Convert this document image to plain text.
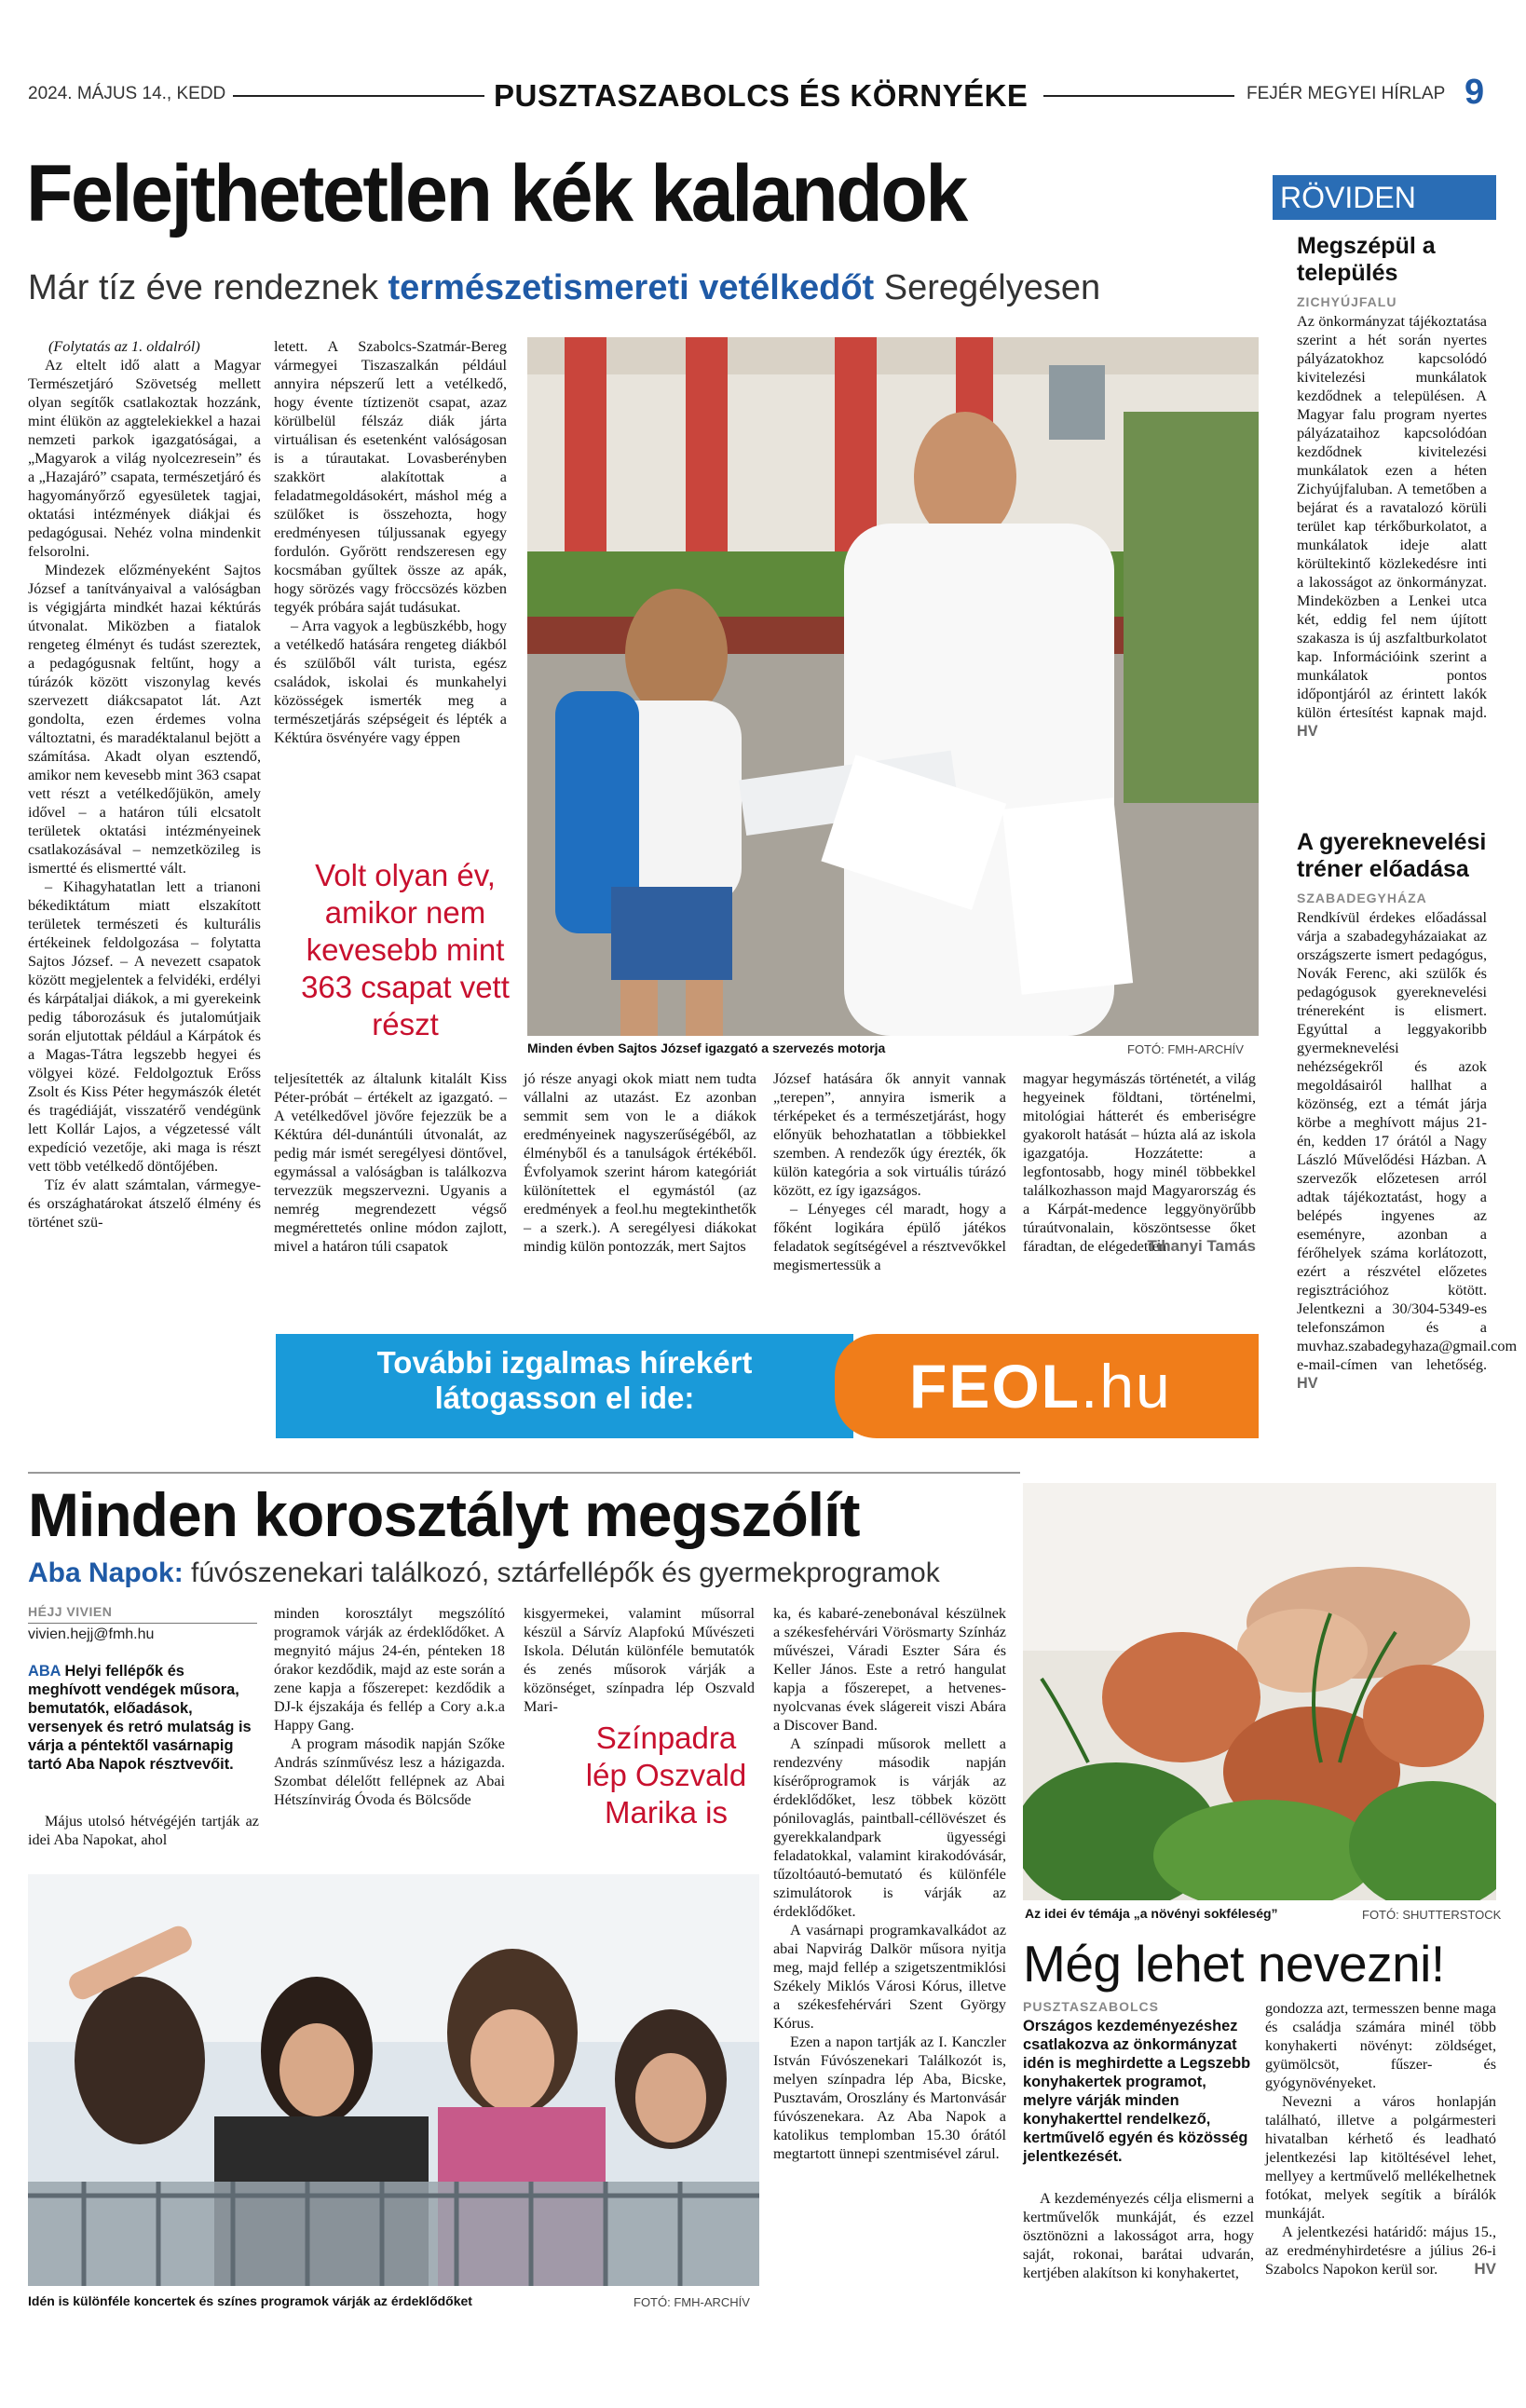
2024. MÁJUS 14., KEDD	PUSZTASZABOLCS ÉS KÖRNYÉKE	FEJÉR MEGYEI HÍRLAP 9
Felejthetetlen kék kalandok
Már tíz éve rendeznek természetismereti vetélkedőt Seregélyesen

(Folytatás az 1. oldalról)

Az eltelt idő alatt a Magyar Természetjáró Szövetség mellett olyan segítők csatlakoztak hozzánk, mint élükön az aggtelekiekkel a hazai nemzeti parkok igazgatóságai, a „Magyarok a világ nyolcezresein” és a „Hazajáró” csapata, természetjáró és hagyományőrző egyesületek tagjai, oktatási intézmények diákjai és pedagógusai. Nehéz volna mindenkit felsorolni.

Mindezek előzményeként Sajtos József a tanítványaival a valóságban is végigjárta mindkét hazai kéktúrás útvonalat. Miközben a fiatalok rengeteg élményt és tudást szereztek, a pedagógusnak feltűnt, hogy a túrázók között viszonylag kevés szervezett diákcsapatot lát. Azt gondolta, ezen érdemes volna változtatni, és maradéktalanul bejött a számítása. Akadt olyan esztendő, amikor nem kevesebb mint 363 csapat vett részt a vetélkedőjükön, amely idővel – a határon túli elcsatolt területek oktatási intézményeinek csatlakozásával – nemzetközileg is ismertté és elismertté vált.

– Kihagyhatatlan lett a trianoni békediktátum miatt elszakított területek természeti és kulturális értékeinek feldolgozása – folytatta Sajtos József. – A nevezett csapatok között megjelentek a felvidéki, erdélyi és kárpátaljai diákok, a mi gyerekeink pedig táborozásuk és jutalomútjaik során eljutottak például a Kárpátok és a Magas-Tátra legszebb hegyei és völgyei közé. Feldolgoztuk Erőss Zsolt és Kiss Péter hegymászók életét és tragédiáját, visszatérő vendégünk lett Kollár Lajos, a végzetessé vált expedíció vezetője, aki maga is részt vett több vetélkedő döntőjében.

Tíz év alatt számtalan, vármegye- és országhatárokat átszelő élmény és történet szü-

letett. A Szabolcs-Szatmár-Bereg vármegyei Tiszaszalkán például annyira népszerű lett a vetélkedő, hogy évente tíztizenöt csapat, azaz körülbelül félszáz diák járta virtuálisan és esetenként valóságosan is a túrautakat. Lovasberényben szakkört alakítottak a feladatmegoldásokért, máshol még a szülőket is összehozta, hogy eredményesen túljussanak egyegy fordulón. Győrött rendszeresen egy kocsmában gyűltek össze az apák, hogy sörözés vagy fröccsözés közben tegyék próbára saját tudásukat.

– Arra vagyok a legbüszkébb, hogy a vetélkedő hatására rengeteg diákból és szülőből vált turista, egész családok, iskolai és munkahelyi közösségek ismerték meg a természetjárás szépségeit és lépték a Kéktúra ösvényére vagy éppen

Volt olyan év, amikor nem kevesebb mint 363 csapat vett részt
Minden évben Sajtos József igazgató a szervezés motorja	FOTÓ: FMH-ARCHÍV

teljesítették az általunk kitalált Kiss Péter-próbát – értékelt az igazgató. – A vetélkedővel jövőre fejezzük be a Kéktúra dél-dunántúli útvonalát, az pedig már ismét seregélyesi döntővel, egymással a valóságban is találkozva tervezzük megszervezni. Ugyanis a nemrég megrendezett végső megmérettetés online módon zajlott, mivel a határon túli csapatok

jó része anyagi okok miatt nem tudta vállalni az utazást. Ez azonban semmit sem von le a diákok eredményeinek nagyszerűségéből, az élményből és a tanulságok értékéből. Évfolyamok szerint három kategóriát különítettek el egymástól (az eredmények a feol.hu megtekinthetők – a szerk.). A seregélyesi diákokat mindig külön pontozzák, mert Sajtos

József hatására ők annyit vannak „terepen”, annyira ismerik a térképeket és a természetjárást, hogy előnyük behozhatatlan a többiekkel szemben. A rendezők úgy érezték, ők külön kategória a sok virtuális túrázó között, ez így igazságos.

– Lényeges cél maradt, hogy a főként logikára épülő játékos feladatok segítségével a résztvevőkkel megismertessük a

magyar hegymászás történetét, a világ hegyeinek földtani, történelmi, mitológiai hátterét és emberiségre gyakorolt hatását – húzta alá az iskola igazgatója. Hozzátette: a legfontosabb, hogy minél többekkel találkozhasson majd Magyarország és a Kárpát-medence leggyönyörűbb túraútvonalain, köszöntsesse őket fáradtan, de elégedetten.

Tihanyi Tamás
További izgalmas hírekért
látogasson el ide:	FEOL.hu
RÖVIDEN
Megszépül a település
ZICHYÚJFALU

Az önkormányzat tájékoztatása szerint a hét során nyertes pályázatokhoz kapcsolódó kivitelezési munkálatok kezdődnek a településen. A Magyar falu program nyertes pályázataihoz kapcsolódóan kezdődnek kivitelezési munkálatok ezen a héten Zichyújfaluban. A temetőben a bejárat és a ravatalozó körüli terület kap térkőburkolatot, a munkálatok ideje alatt körültekintő közlekedésre inti a lakosságot az önkormányzat. Mindeközben a Lenkei utca két, eddig fel nem újított szakasza is új aszfaltburkolatot kap. Információink szerint a munkálatok pontos időpontjáról az érintett lakók külön értesítést kapnak majd. HV

A gyereknevelési tréner előadása
SZABADEGYHÁZA

Rendkívül érdekes előadással várja a szabadegyházaiakat az országszerte ismert pedagógus, Novák Ferenc, aki szülők és pedagógusok gyereknevelési trénereként is elismert. Egyúttal a leggyakoribb gyermeknevelési nehézségekről és azok megoldásairól hallhat a közönség, ezt a témát járja körbe a meghívott május 21-én, kedden 17 órától a Nagy László Művelődési Házban. A szervezők előzetesen arról adtak tájékoztatást, hogy a belépés ingyenes az eseményre, azonban a férőhelyek száma korlátozott, ezért a részvétel előzetes regisztrációhoz kötött. Jelentkezni a 30/304-5349-es telefonszámon és a muvhaz.szabadegyhaza@gmail.com e-mail-címen van lehetőség. HV

Minden korosztályt megszólít
Aba Napok: fúvószenekari találkozó, sztárfellépők és gyermekprogramok
HÉJJ VIVIEN
vivien.hejj@fmh.hu
ABA Helyi fellépők és meghívott vendégek műsora, bemutatók, előadások, versenyek és retró mulatság is várja a péntektől vasárnapig tartó Aba Napok résztvevőit.

Május utolsó hétvégéjén tartják az idei Aba Napokat, ahol

minden korosztályt megszólító programok várják az érdeklődőket. A megnyitó május 24-én, pénteken 18 órakor kezdődik, majd az este során a zene kapja a főszerepet: kezdődik a DJ-k éjszakája és fellép a Cory a.k.a Happy Gang.

A program második napján Szőke András színművész lesz a házigazda. Szombat délelőtt fellépnek az Abai Hétszínvirág Óvoda és Bölcsőde

kisgyermekei, valamint műsorral készül a Sárvíz Alapfokú Művészeti Iskola. Délután különféle bemutatók és zenés műsorok várják a közönséget, színpadra lép Oszvald Mari-

Színpadra lép Oszvald Marika is

ka, és kabaré-zenebonával készülnek a székesfehérvári Vörösmarty Színház művészei, Váradi Eszter Sára és Keller János. Este a retró hangulat kapja a főszerepet, a hetvenes-nyolcvanas évek slágereit viszi Abára a Discover Band.

A színpadi műsorok mellett a rendezvény második napján kísérőprogramok is várják az érdeklődőket, lesz többek között pónilovaglás, paintball-céllövészet és gyerekkalandpark ügyességi feladatokkal, valamint kirakodóvásár, tűzoltóautó-bemutató és különféle szimulátorok is várják az érdeklődőket.

A vasárnapi programkavalkádot az abai Napvirág Dalkör műsora nyitja meg, majd fellép a szigetszentmiklósi Székely Miklós Városi Kórus, illetve a székesfehérvári Szent György Kórus.

Ezen a napon tartják az I. Kanczler István Fúvószenekari Találkozót is, melyen színpadra lép Aba, Bicske, Pusztavám, Oroszlány és Martonvásár fúvószenekara. Az Aba Napok a katolikus templomban 15.30 órától megtartott ünnepi szentmisével zárul.

Idén is különféle koncertek és színes programok várják az érdeklődőket	FOTÓ: FMH-ARCHÍV
Az idei év témája „a növényi sokféleség”	FOTÓ: SHUTTERSTOCK
Még lehet nevezni!
PUSZTASZABOLCS
Országos kezdeményezéshez csatlakozva az önkormányzat idén is meghirdette a Legszebb konyhakertek programot, melyre várják minden konyhakerttel rendelkező, kertművelő egyén és közösség jelentkezését.

A kezdeményezés célja elismerni a kertművelők munkáját, és ezzel ösztönözni a lakosságot arra, hogy saját, rokonai, barátai udvarán, kertjében alakítson ki konyhakertet,

gondozza azt, termesszen benne maga és családja számára minél több konyhakerti növényt: zöldséget, gyümölcsöt, fűszer- és gyógynövényeket.

Nevezni a város honlapján található, illetve a polgármesteri hivatalban kérhető és leadható jelentkezési lap kitöltésével lehet, mellyey a kertművelő mellékelhetnek fotókat, melyek segítik a bírálók munkáját.

A jelentkezési határidő: május 15., az eredményhirdetésre a július 26-i Szabolcs Napokon kerül sor.	HV
